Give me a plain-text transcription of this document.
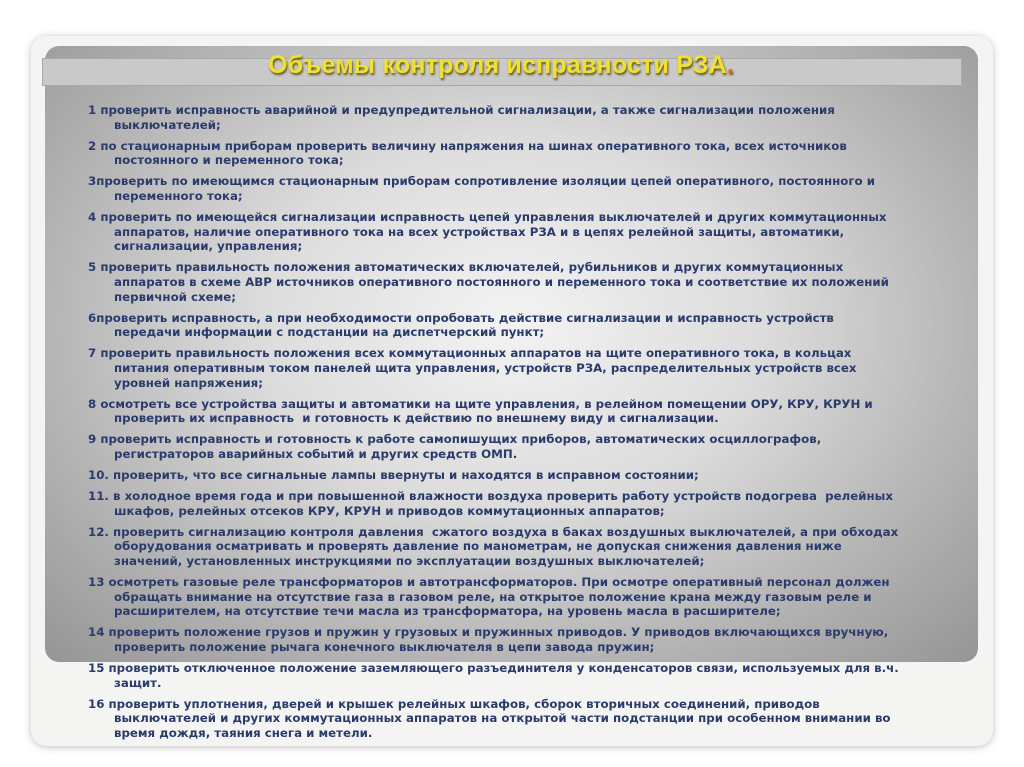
Объемы контроля исправности РЗА.
1 проверить исправность аварийной и предупредительной сигнализации, а также сигнализации положения
выключателей;
2 по стационарным приборам проверить величину напряжения на шинах оперативного тока, всех источников
постоянного и переменного тока;
3проверить по имеющимся стационарным приборам сопротивление изоляции цепей оперативного, постоянного и
переменного тока;
4 проверить по имеющейся сигнализации исправность цепей управления выключателей и других коммутационных
аппаратов, наличие оперативного тока на всех устройствах РЗА и в цепях релейной защиты, автоматики,
сигнализации, управления;
5 проверить правильность положения автоматических включателей, рубильников и других коммутационных
аппаратов в схеме АВР источников оперативного постоянного и переменного тока и соответствие их положений
первичной схеме;
6проверить исправность, а при необходимости опробовать действие сигнализации и исправность устройств
передачи информации с подстанции на диспетчерский пункт;
7 проверить правильность положения всех коммутационных аппаратов на щите оперативного тока, в кольцах
питания оперативным током панелей щита управления, устройств РЗА, распределительных устройств всех
уровней напряжения;
8 осмотреть все устройства защиты и автоматики на щите управления, в релейном помещении ОРУ, КРУ, КРУН и
проверить их исправность  и готовность к действию по внешнему виду и сигнализации.
9 проверить исправность и готовность к работе самопишущих приборов, автоматических осциллографов,
регистраторов аварийных событий и других средств ОМП.
10. проверить, что все сигнальные лампы ввернуты и находятся в исправном состоянии;
11. в холодное время года и при повышенной влажности воздуха проверить работу устройств подогрева  релейных
шкафов, релейных отсеков КРУ, КРУН и приводов коммутационных аппаратов;
12. проверить сигнализацию контроля давления  сжатого воздуха в баках воздушных выключателей, а при обходах
оборудования осматривать и проверять давление по манометрам, не допуская снижения давления ниже
значений, установленных инструкциями по эксплуатации воздушных выключателей;
13 осмотреть газовые реле трансформаторов и автотрансформаторов. При осмотре оперативный персонал должен
обращать внимание на отсутствие газа в газовом реле, на открытое положение крана между газовым реле и
расширителем, на отсутствие течи масла из трансформатора, на уровень масла в расширителе;
14 проверить положение грузов и пружин у грузовых и пружинных приводов. У приводов включающихся вручную,
проверить положение рычага конечного выключателя в цепи завода пружин;
15 проверить отключенное положение заземляющего разъединителя у конденсаторов связи, используемых для в.ч.
защит.
16 проверить уплотнения, дверей и крышек релейных шкафов, сборок вторичных соединений, приводов
выключателей и других коммутационных аппаратов на открытой части подстанции при особенном внимании во
время дождя, таяния снега и метели.
